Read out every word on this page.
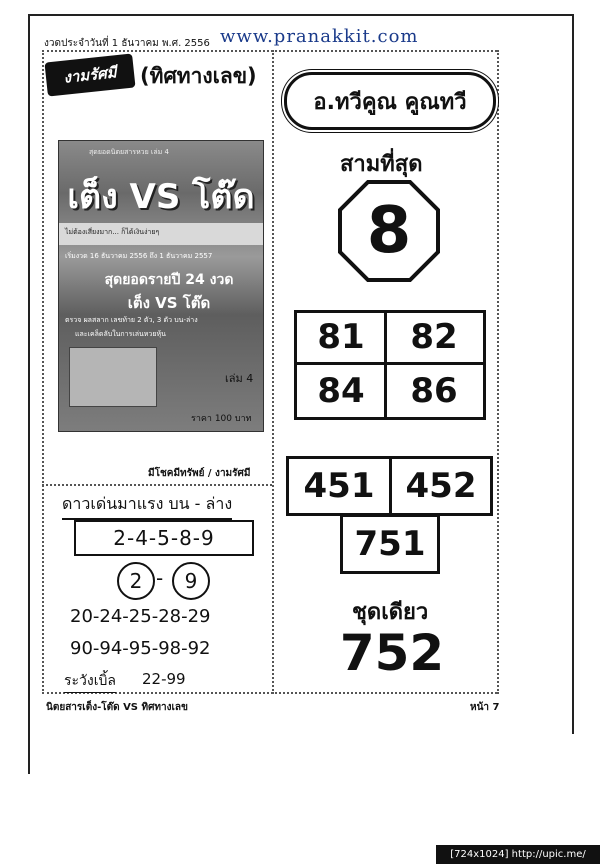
งวดประจำวันที่ 1 ธันวาคม พ.ศ. 2556 www.pranakkit.com
งามรัศมี (ทิศทางเลข)
สุดยอดนิตยสารหวย เล่ม 4
เต็ง VS โต๊ด
ไม่ต้องเสี่ยงมาก... ก็ได้เงินง่ายๆ
เริ่มงวด 16 ธันวาคม 2556 ถึง 1 ธันวาคม 2557
สุดยอดรายปี 24 งวด
เต็ง VS โต๊ด
ตรวจ ผลสลาก เลขท้าย 2 ตัว, 3 ตัว บน-ล่าง
และเคล็ดลับในการเล่นหวยหุ้น
เล่ม 4
ราคา 100 บาท
มีโชคมีทรัพย์ / งามรัศมี
ดาวเด่นมาแรง บน - ล่าง
2-4-5-8-9
2 - 9
20-24-25-28-29
90-94-95-98-92
ระวังเบิ้ล 22-99
อ.ทวีคูณ คูณทวี
สามที่สุด
8
81	82
84	86
451 452
751
ชุดเดียว
752
นิตยสารเต็ง-โต๊ด VS ทิศทางเลข	หน้า 7
[724x1024] http://upic.me/
